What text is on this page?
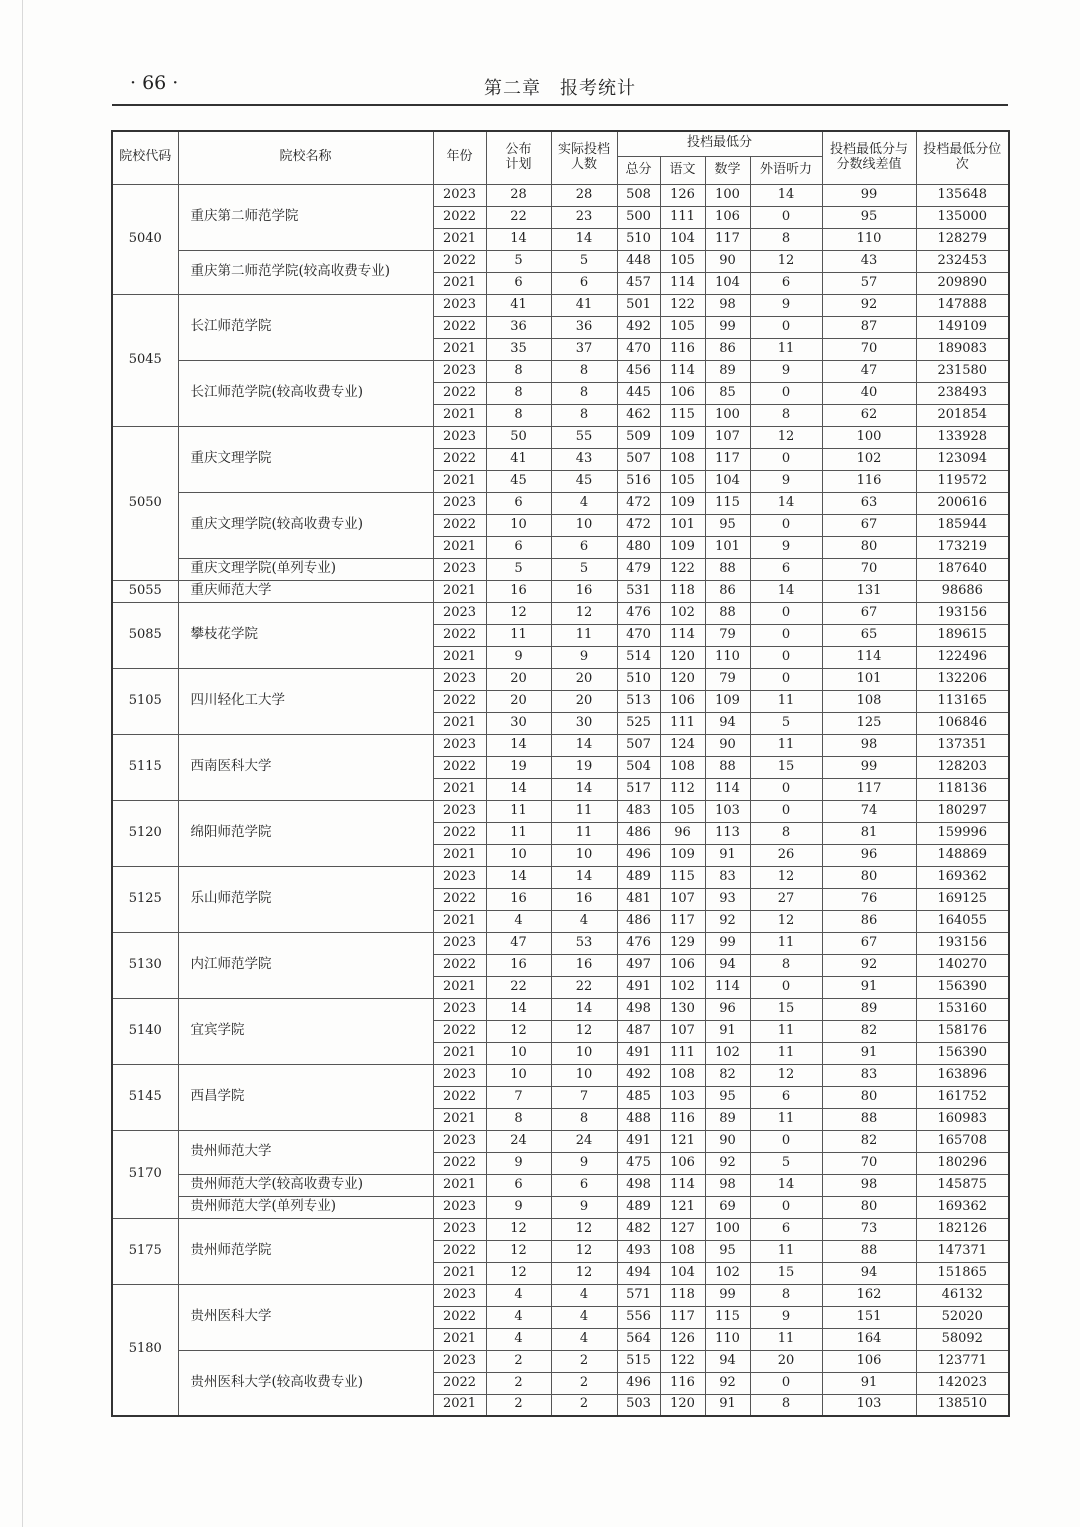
· 66 ·	第二章　报考统计
院校代码	院校名称	年份	公布计划	实际投档人数	投档最低分				投档最低分与分数线差值	投档最低分位次
					总分	语文	数学	外语听力		
5040	重庆第二师范学院	2023	28	28	508	126	100	14	99	135648
		2022	22	23	500	111	106	0	95	135000
		2021	14	14	510	104	117	8	110	128279
	重庆第二师范学院(较高收费专业)	2022	5	5	448	105	90	12	43	232453
		2021	6	6	457	114	104	6	57	209890
5045	长江师范学院	2023	41	41	501	122	98	9	92	147888
		2022	36	36	492	105	99	0	87	149109
		2021	35	37	470	116	86	11	70	189083
	长江师范学院(较高收费专业)	2023	8	8	456	114	89	9	47	231580
		2022	8	8	445	106	85	0	40	238493
		2021	8	8	462	115	100	8	62	201854
5050	重庆文理学院	2023	50	55	509	109	107	12	100	133928
		2022	41	43	507	108	117	0	102	123094
		2021	45	45	516	105	104	9	116	119572
	重庆文理学院(较高收费专业)	2023	6	4	472	109	115	14	63	200616
		2022	10	10	472	101	95	0	67	185944
		2021	6	6	480	109	101	9	80	173219
	重庆文理学院(单列专业)	2023	5	5	479	122	88	6	70	187640
5055	重庆师范大学	2021	16	16	531	118	86	14	131	98686
5085	攀枝花学院	2023	12	12	476	102	88	0	67	193156
		2022	11	11	470	114	79	0	65	189615
		2021	9	9	514	120	110	0	114	122496
5105	四川轻化工大学	2023	20	20	510	120	79	0	101	132206
		2022	20	20	513	106	109	11	108	113165
		2021	30	30	525	111	94	5	125	106846
5115	西南医科大学	2023	14	14	507	124	90	11	98	137351
		2022	19	19	504	108	88	15	99	128203
		2021	14	14	517	112	114	0	117	118136
5120	绵阳师范学院	2023	11	11	483	105	103	0	74	180297
		2022	11	11	486	96	113	8	81	159996
		2021	10	10	496	109	91	26	96	148869
5125	乐山师范学院	2023	14	14	489	115	83	12	80	169362
		2022	16	16	481	107	93	27	76	169125
		2021	4	4	486	117	92	12	86	164055
5130	内江师范学院	2023	47	53	476	129	99	11	67	193156
		2022	16	16	497	106	94	8	92	140270
		2021	22	22	491	102	114	0	91	156390
5140	宜宾学院	2023	14	14	498	130	96	15	89	153160
		2022	12	12	487	107	91	11	82	158176
		2021	10	10	491	111	102	11	91	156390
5145	西昌学院	2023	10	10	492	108	82	12	83	163896
		2022	7	7	485	103	95	6	80	161752
		2021	8	8	488	116	89	11	88	160983
5170	贵州师范大学	2023	24	24	491	121	90	0	82	165708
		2022	9	9	475	106	92	5	70	180296
	贵州师范大学(较高收费专业)	2021	6	6	498	114	98	14	98	145875
	贵州师范大学(单列专业)	2023	9	9	489	121	69	0	80	169362
5175	贵州师范学院	2023	12	12	482	127	100	6	73	182126
		2022	12	12	493	108	95	11	88	147371
		2021	12	12	494	104	102	15	94	151865
5180	贵州医科大学	2023	4	4	571	118	99	8	162	46132
		2022	4	4	556	117	115	9	151	52020
		2021	4	4	564	126	110	11	164	58092
	贵州医科大学(较高收费专业)	2023	2	2	515	122	94	20	106	123771
		2022	2	2	496	116	92	0	91	142023
		2021	2	2	503	120	91	8	103	138510
